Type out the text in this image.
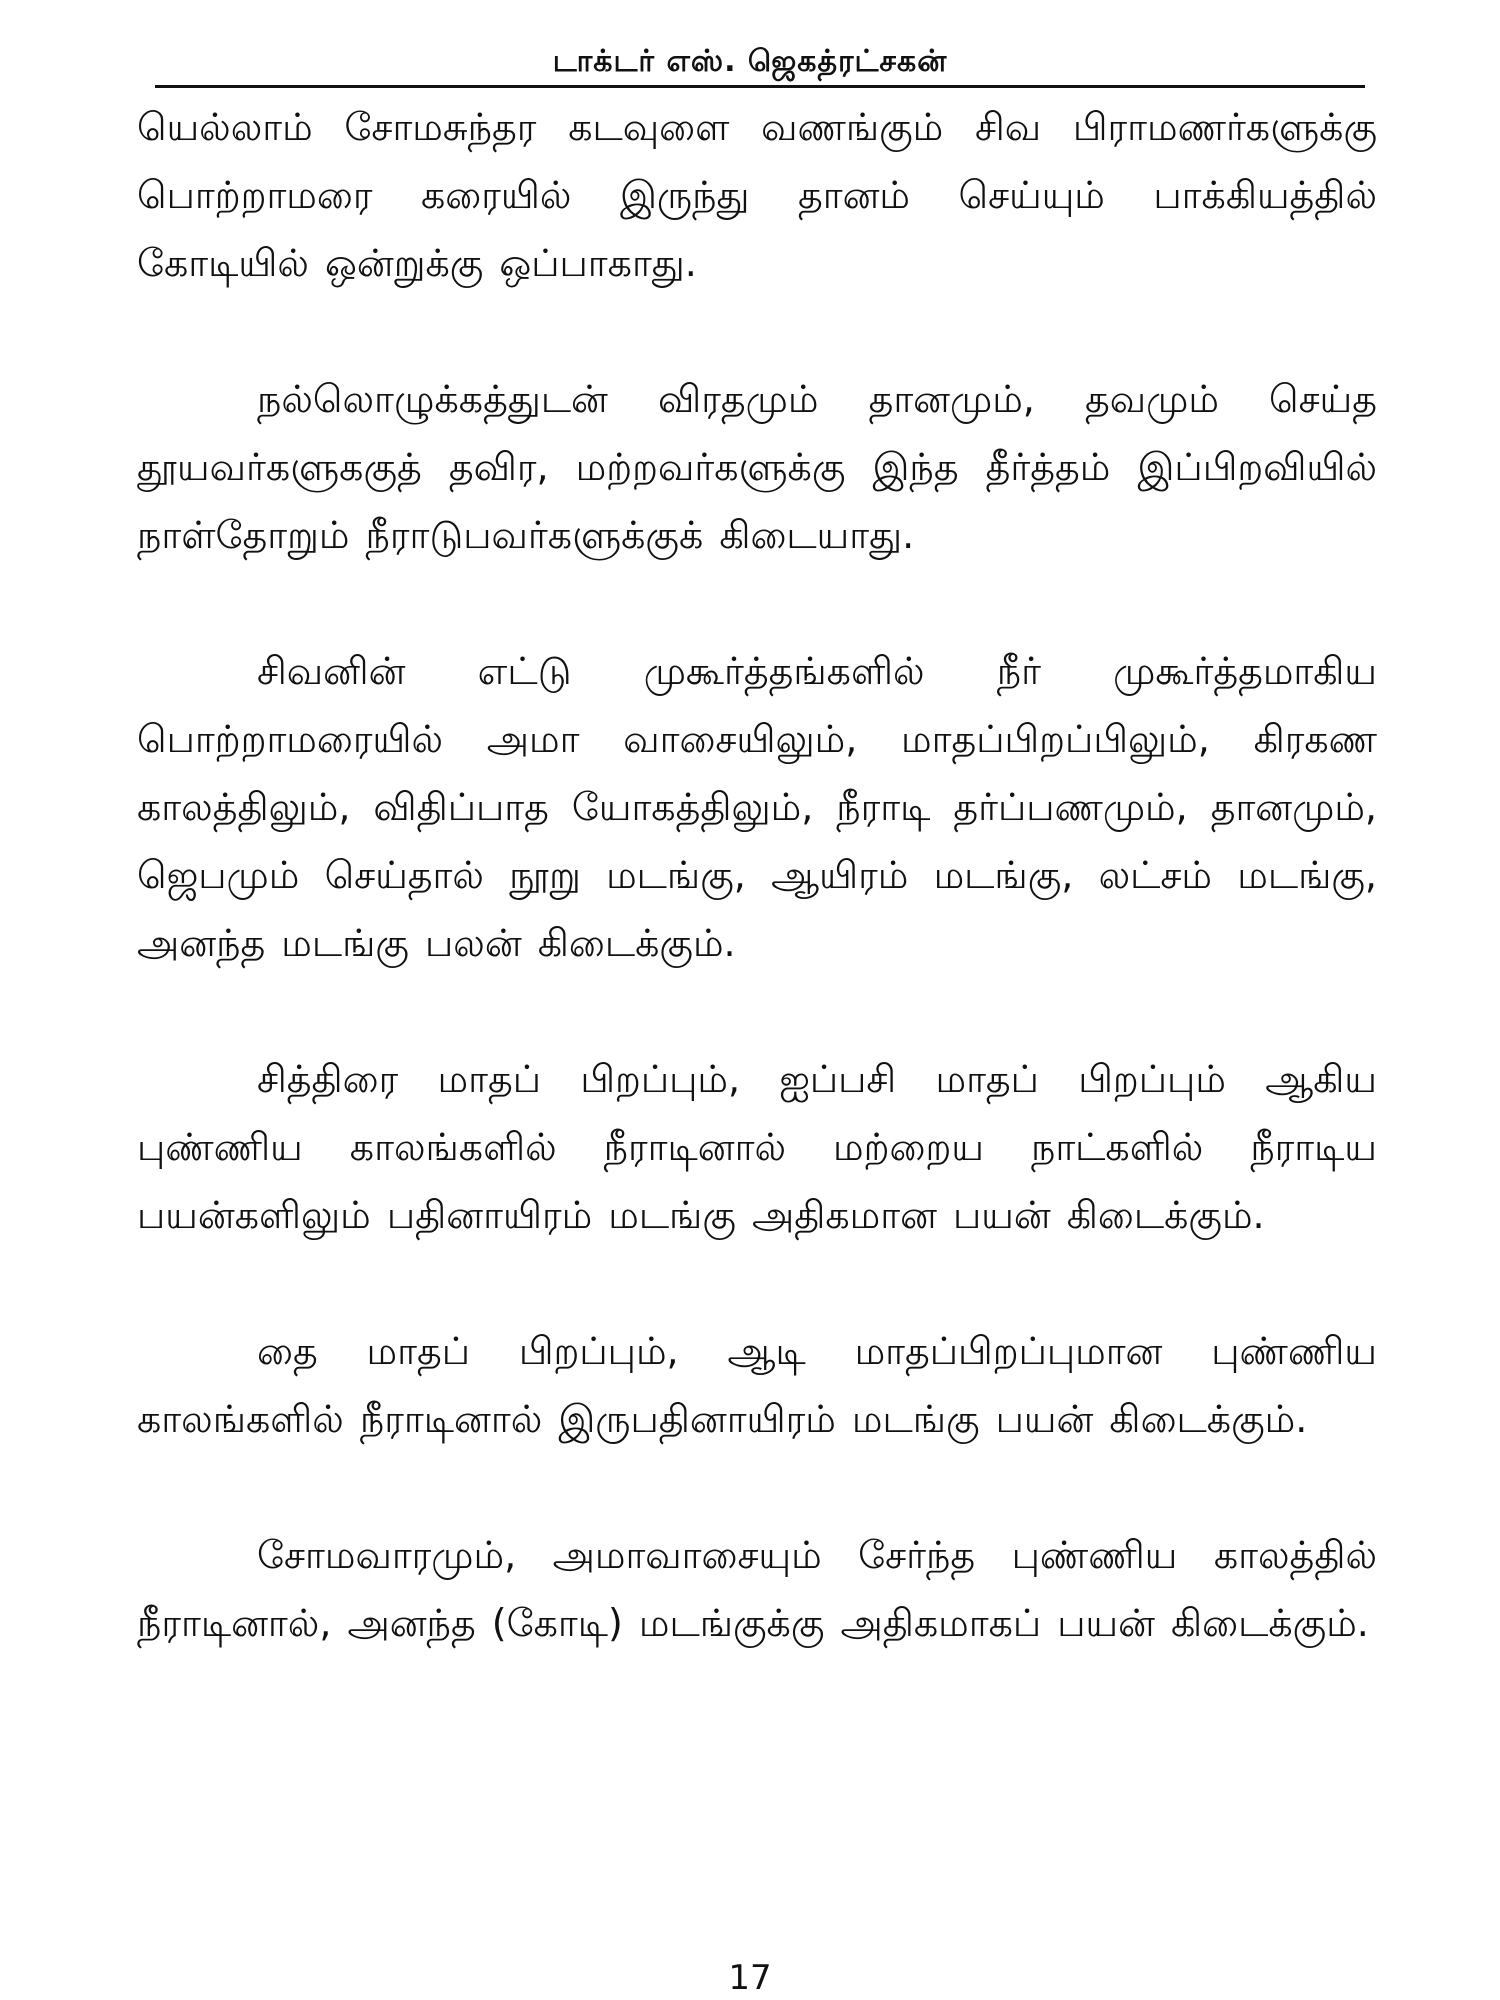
டாக்டர் எஸ். ஜெகத்ரட்சகன்

யெல்லாம் சோமசுந்தர கடவுளை வணங்கும் சிவ பிராமணர்களுக்கு பொற்றாமரை கரையில் இருந்து தானம் செய்யும் பாக்கியத்தில் கோடியில் ஒன்றுக்கு ஒப்பாகாது.

நல்லொழுக்கத்துடன் விரதமும் தானமும், தவமும் செய்த தூயவர்களுககுத் தவிர, மற்றவர்களுக்கு இந்த தீர்த்தம் இப்பிறவியில் நாள்தோறும் நீராடுபவர்களுக்குக் கிடையாது.

சிவனின் எட்டு முகூர்த்தங்களில் நீர் முகூர்த்தமாகிய பொற்றாமரையில் அமா வாசையிலும், மாதப்பிறப்பிலும், கிரகண காலத்திலும், விதிப்பாத யோகத்திலும், நீராடி தர்ப்பணமும், தானமும், ஜெபமும் செய்தால் நூறு மடங்கு, ஆயிரம் மடங்கு, லட்சம் மடங்கு, அனந்த மடங்கு பலன் கிடைக்கும்.

சித்திரை மாதப் பிறப்பும், ஐப்பசி மாதப் பிறப்பும் ஆகிய புண்ணிய காலங்களில் நீராடினால் மற்றைய நாட்களில் நீராடிய பயன்களிலும் பதினாயிரம் மடங்கு அதிகமான பயன் கிடைக்கும்.

தை மாதப் பிறப்பும், ஆடி மாதப்பிறப்புமான புண்ணிய காலங்களில் நீராடினால் இருபதினாயிரம் மடங்கு பயன் கிடைக்கும்.

சோமவாரமும், அமாவாசையும் சேர்ந்த புண்ணிய காலத்தில் நீராடினால், அனந்த (கோடி) மடங்குக்கு அதிகமாகப் பயன் கிடைக்கும்.

17
